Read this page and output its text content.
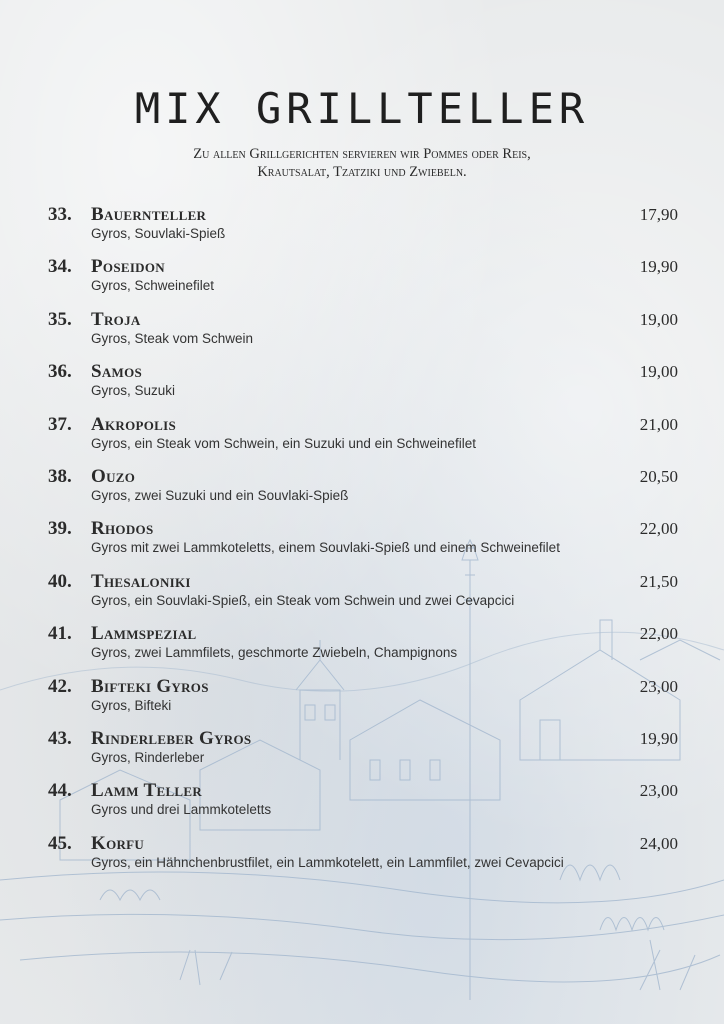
MIX GRILLTELLER
Zu allen Grillgerichten servieren wir Pommes oder Reis,
Krautsalat, Tzatziki und Zwiebeln.
33. Bauernteller
Gyros, Souvlaki-Spieß
17,90
34. Poseidon
Gyros, Schweinefilet
19,90
35. Troja
Gyros, Steak vom Schwein
19,00
36. Samos
Gyros, Suzuki
19,00
37. Akropolis
Gyros, ein Steak vom Schwein, ein Suzuki und ein Schweinefilet
21,00
38. Ouzo
Gyros, zwei Suzuki und ein Souvlaki-Spieß
20,50
39. Rhodos
Gyros mit zwei Lammkoteletts, einem Souvlaki-Spieß und einem Schweinefilet
22,00
40. Thesaloniki
Gyros, ein Souvlaki-Spieß, ein Steak vom Schwein und zwei Cevapcici
21,50
41. Lammspezial
Gyros, zwei Lammfilets, geschmorte Zwiebeln, Champignons
22,00
42. Bifteki Gyros
Gyros, Bifteki
23,00
43. Rinderleber Gyros
Gyros, Rinderleber
19,90
44. Lamm Teller
Gyros und drei Lammkoteletts
23,00
45. Korfu
Gyros, ein Hähnchenbrustfilet, ein Lammkotelett, ein Lammfilet, zwei Cevapcici
24,00
